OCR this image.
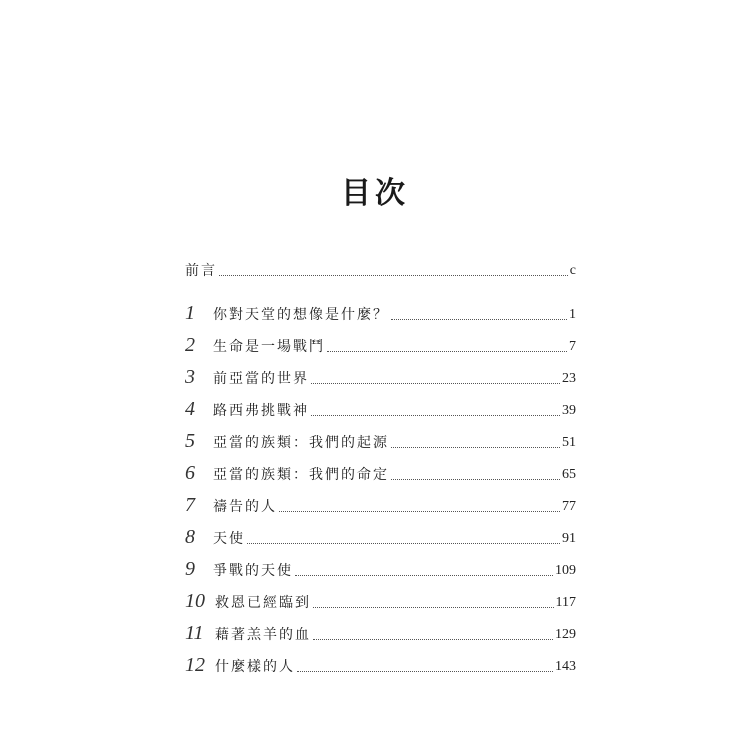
目次
前言	c
1	你對天堂的想像是什麼？	1
2	生命是一場戰鬥	7
3	前亞當的世界	23
4	路西弗挑戰神	39
5	亞當的族類：我們的起源	51
6	亞當的族類：我們的命定	65
7	禱告的人	77
8	天使	91
9	爭戰的天使	109
10 救恩已經臨到	117
11 藉著羔羊的血	129
12 什麼樣的人	143
